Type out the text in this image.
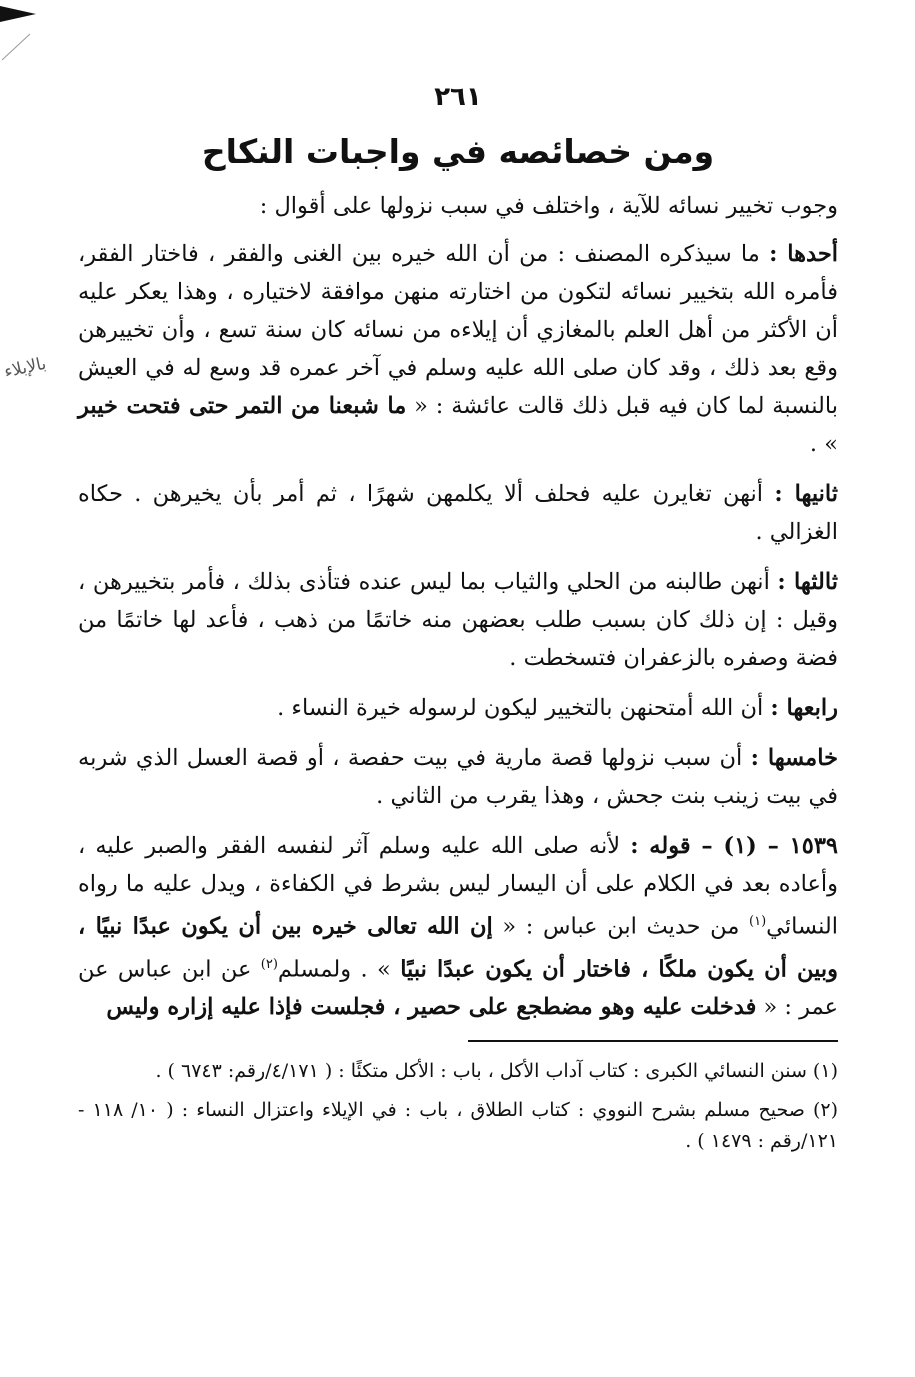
بالإبلاء
٢٦١
ومن خصائصه في واجبات النكاح

وجوب تخيير نسائه للآية ، واختلف في سبب نزولها على أقوال :

أحدها : ما سيذكره المصنف : من أن الله خيره بين الغنى والفقر ، فاختار الفقر، فأمره الله بتخيير نسائه لتكون من اختارته منهن موافقة لاختياره ، وهذا يعكر عليه أن الأكثر من أهل العلم بالمغازي أن إيلاءه من نسائه كان سنة تسع ، وأن تخييرهن وقع بعد ذلك ، وقد كان صلى الله عليه وسلم في آخر عمره قد وسع له في العيش بالنسبة لما كان فيه قبل ذلك قالت عائشة : « ما شبعنا من التمر حتى فتحت خيبر » .

ثانيها : أنهن تغايرن عليه فحلف ألا يكلمهن شهرًا ، ثم أمر بأن يخيرهن . حكاه الغزالي .

ثالثها : أنهن طالبنه من الحلي والثياب بما ليس عنده فتأذى بذلك ، فأمر بتخييرهن ، وقيل : إن ذلك كان بسبب طلب بعضهن منه خاتمًا من ذهب ، فأعد لها خاتمًا من فضة وصفره بالزعفران فتسخطت .

رابعها : أن الله أمتحنهن بالتخيير ليكون لرسوله خيرة النساء .

خامسها : أن سبب نزولها قصة مارية في بيت حفصة ، أو قصة العسل الذي شربه في بيت زينب بنت جحش ، وهذا يقرب من الثاني .

١٥٣٩ – (١) – قوله : لأنه صلى الله عليه وسلم آثر لنفسه الفقر والصبر عليه ، وأعاده بعد في الكلام على أن اليسار ليس بشرط في الكفاءة ، ويدل عليه ما رواه النسائي$^{(١)}$ من حديث ابن عباس : « إن الله تعالى خيره بين أن يكون عبدًا نبيًا ، وبين أن يكون ملكًا ، فاختار أن يكون عبدًا نبيًا » . ولمسلم$^{(٢)}$ عن ابن عباس عن عمر : « فدخلت عليه وهو مضطجع على حصير ، فجلست فإذا عليه إزاره وليس

(١) سنن النسائي الكبرى : كتاب آداب الأكل ، باب : الأكل متكئًا : ( ٤/١٧١/رقم: ٦٧٤٣ ) .

(٢) صحيح مسلم بشرح النووي : كتاب الطلاق ، باب : في الإيلاء واعتزال النساء : ( ١٠/ ١١٨ - ١٢١/رقم : ١٤٧٩ ) .
